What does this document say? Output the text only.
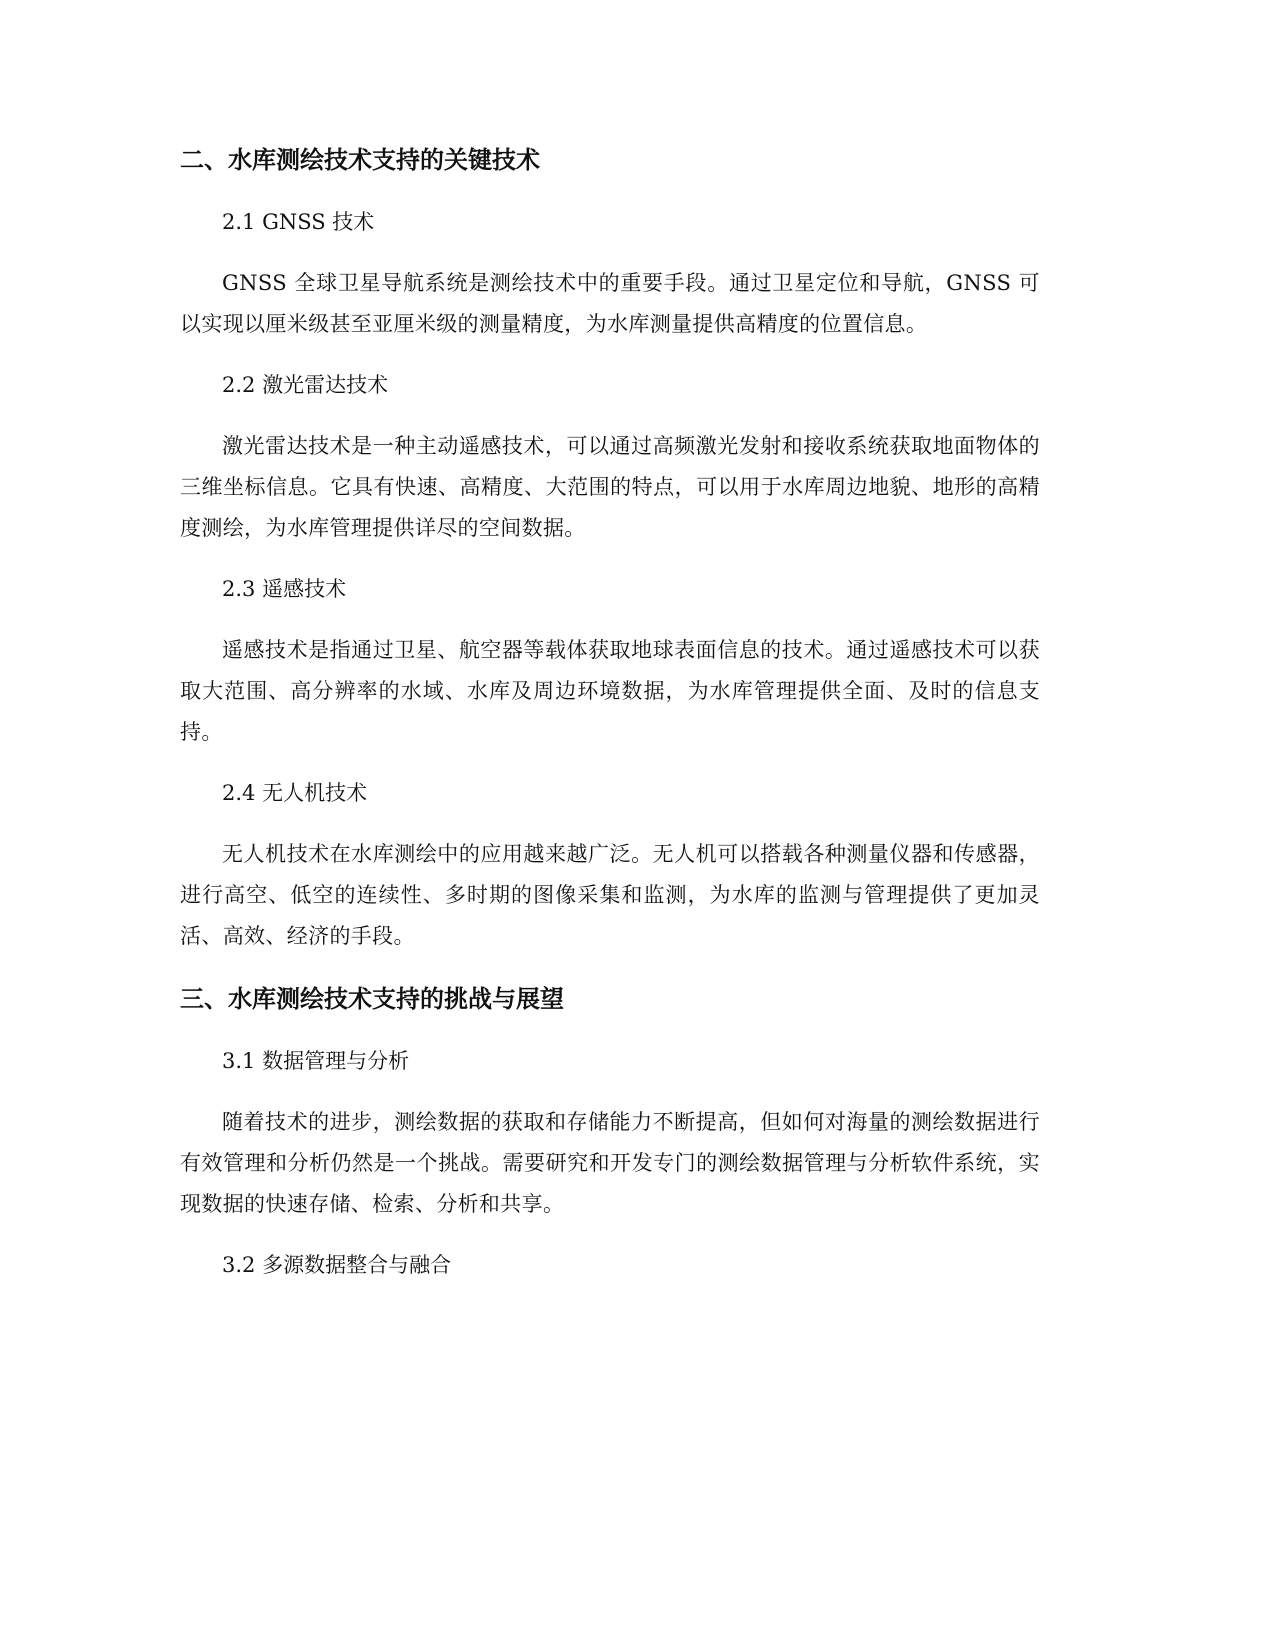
二、水库测绘技术支持的关键技术
2.1 GNSS 技术

GNSS 全球卫星导航系统是测绘技术中的重要手段。通过卫星定位和导航，GNSS 可以实现以厘米级甚至亚厘米级的测量精度，为水库测量提供高精度的位置信息。

2.2 激光雷达技术

激光雷达技术是一种主动遥感技术，可以通过高频激光发射和接收系统获取地面物体的三维坐标信息。它具有快速、高精度、大范围的特点，可以用于水库周边地貌、地形的高精度测绘，为水库管理提供详尽的空间数据。

2.3 遥感技术

遥感技术是指通过卫星、航空器等载体获取地球表面信息的技术。通过遥感技术可以获取大范围、高分辨率的水域、水库及周边环境数据，为水库管理提供全面、及时的信息支持。

2.4 无人机技术

无人机技术在水库测绘中的应用越来越广泛。无人机可以搭载各种测量仪器和传感器，进行高空、低空的连续性、多时期的图像采集和监测，为水库的监测与管理提供了更加灵活、高效、经济的手段。

三、水库测绘技术支持的挑战与展望
3.1 数据管理与分析

随着技术的进步，测绘数据的获取和存储能力不断提高，但如何对海量的测绘数据进行有效管理和分析仍然是一个挑战。需要研究和开发专门的测绘数据管理与分析软件系统，实现数据的快速存储、检索、分析和共享。

3.2 多源数据整合与融合
